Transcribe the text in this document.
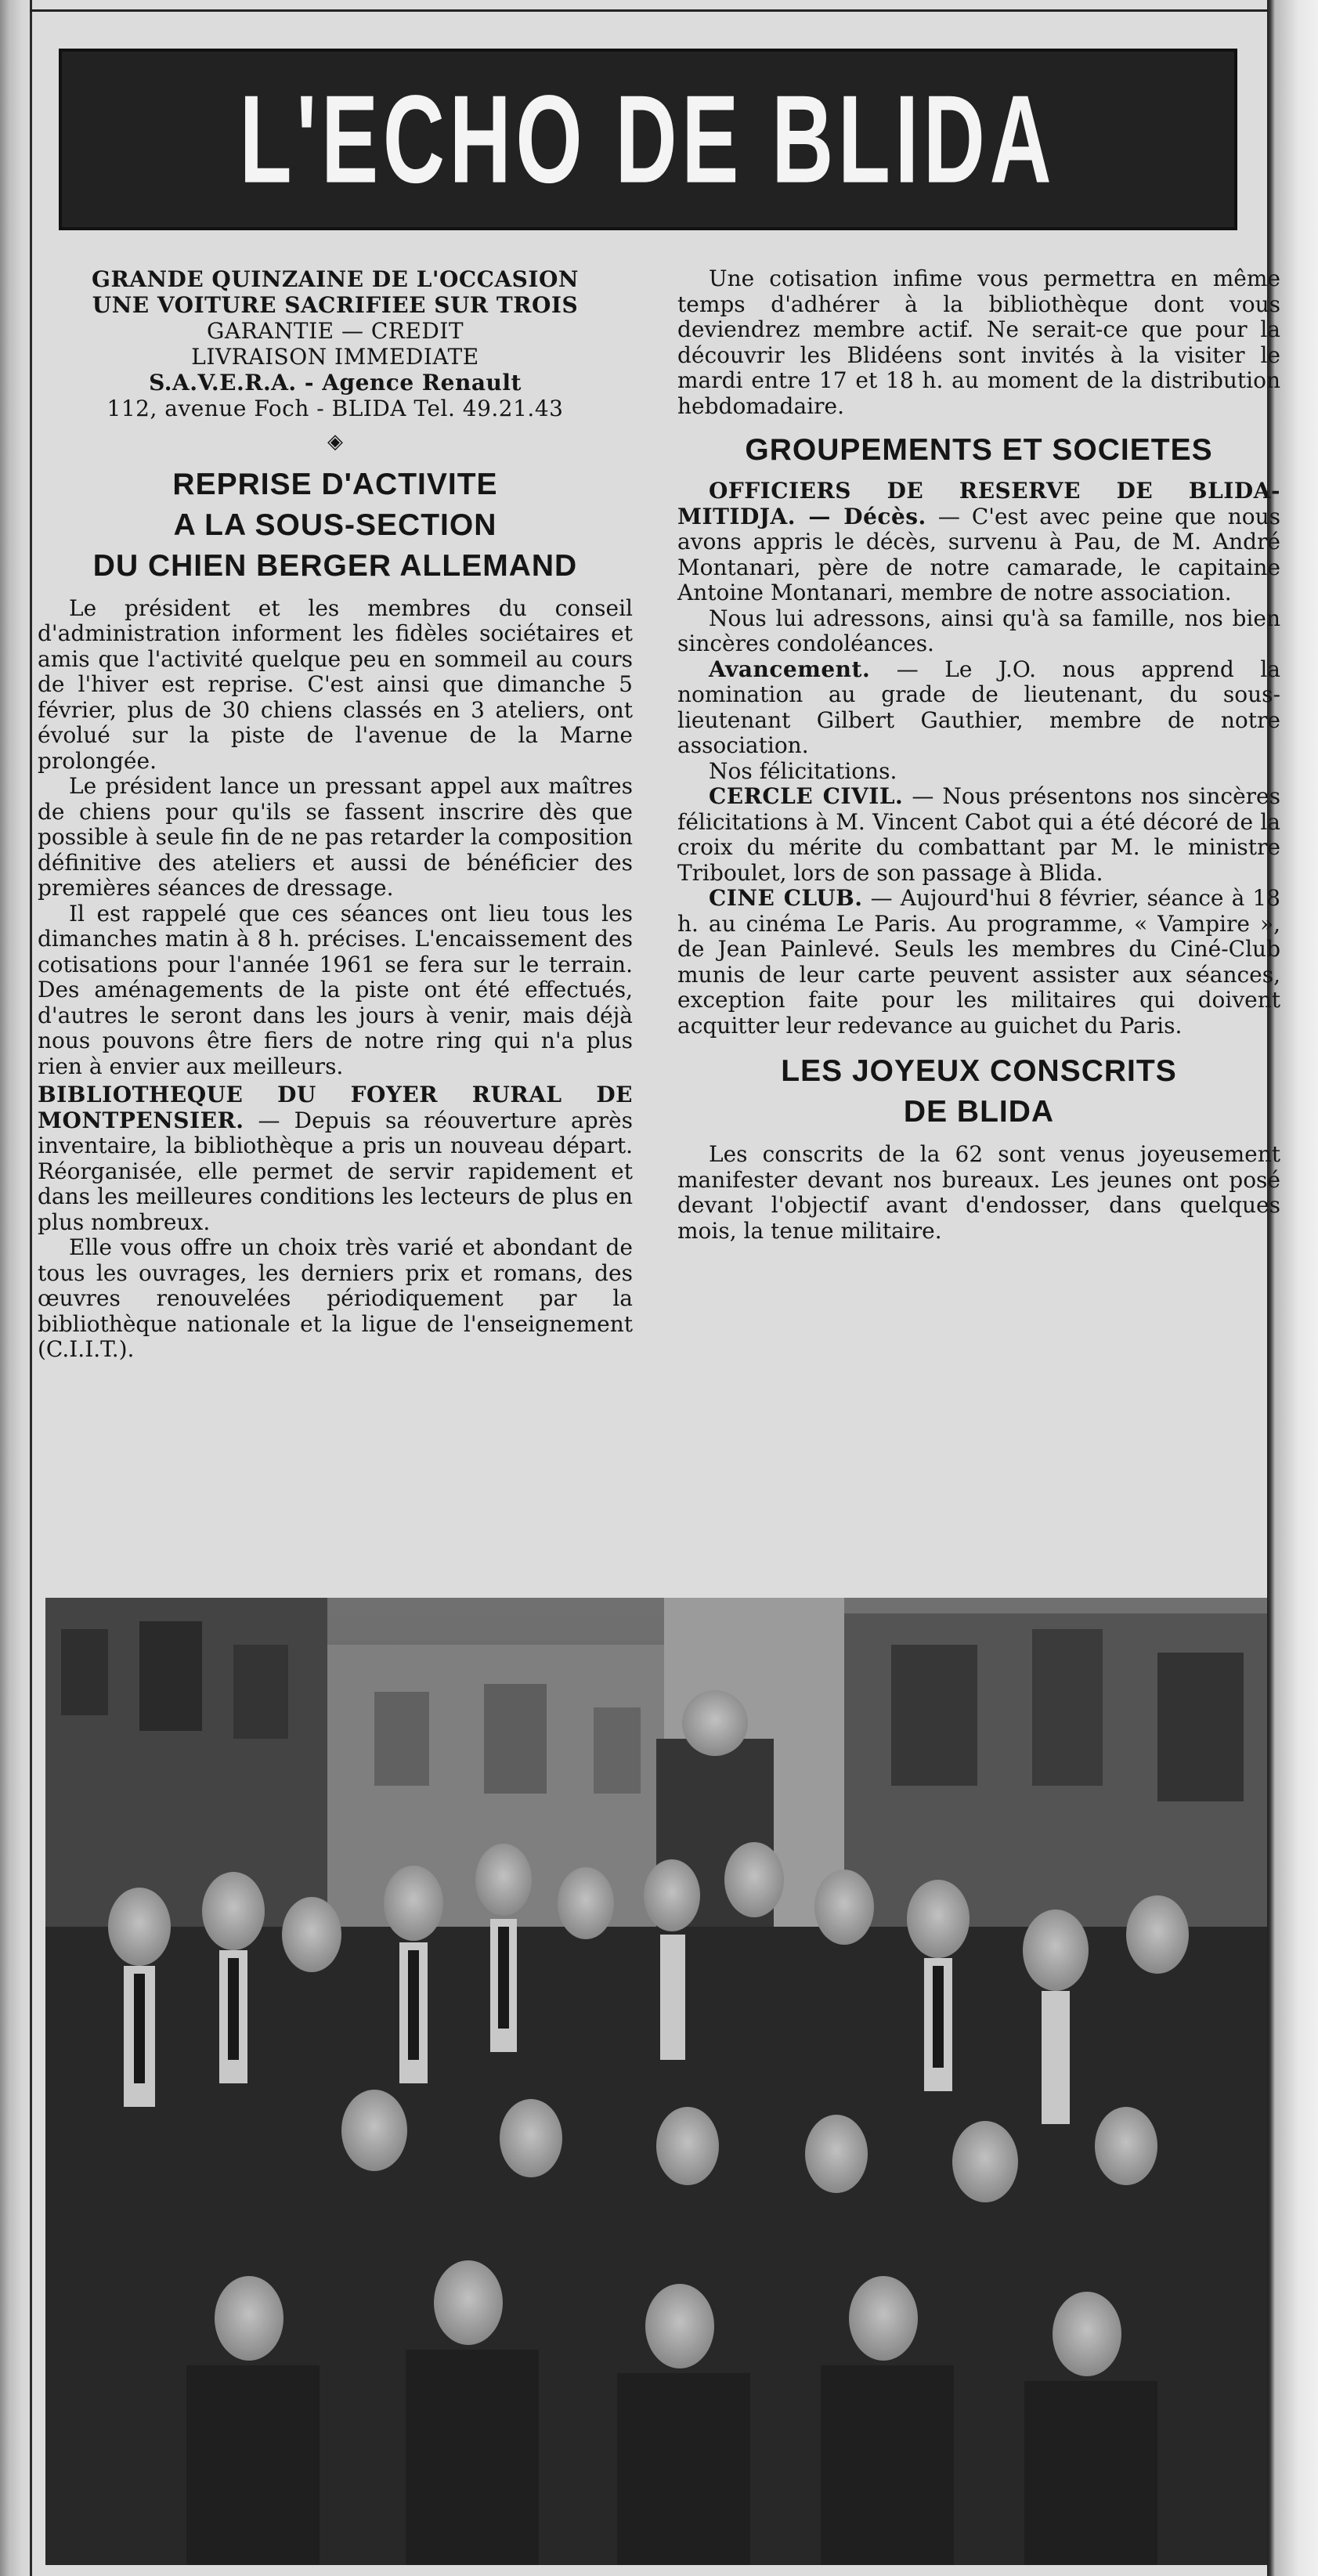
L'ECHO DE BLIDA
GRANDE QUINZAINE DE L'OCCASION
UNE VOITURE SACRIFIEE SUR TROIS
GARANTIE — CREDIT
LIVRAISON IMMEDIATE
S.A.V.E.R.A. - Agence Renault
112, avenue Foch - BLIDA Tel. 49.21.43
◈
REPRISE D'ACTIVITE
A LA SOUS-SECTION
DU CHIEN BERGER ALLEMAND

Le président et les membres du conseil d'administration informent les fidèles sociétaires et amis que l'activité quelque peu en sommeil au cours de l'hiver est reprise. C'est ainsi que dimanche 5 février, plus de 30 chiens classés en 3 ateliers, ont évolué sur la piste de l'avenue de la Marne prolongée.

Le président lance un pressant appel aux maîtres de chiens pour qu'ils se fassent inscrire dès que possible à seule fin de ne pas retarder la composition définitive des ateliers et aussi de bénéficier des premières séances de dressage.

Il est rappelé que ces séances ont lieu tous les dimanches matin à 8 h. précises. L'encaissement des cotisations pour l'année 1961 se fera sur le terrain. Des aménagements de la piste ont été effectués, d'autres le seront dans les jours à venir, mais déjà nous pouvons être fiers de notre ring qui n'a plus rien à envier aux meilleurs.

BIBLIOTHEQUE DU FOYER RURAL DE MONTPENSIER. — Depuis sa réouverture après inventaire, la bibliothèque a pris un nouveau départ. Réorganisée, elle permet de servir rapidement et dans les meilleures conditions les lecteurs de plus en plus nombreux.

Elle vous offre un choix très varié et abondant de tous les ouvrages, les derniers prix et romans, des œuvres renouvelées périodiquement par la bibliothèque nationale et la ligue de l'enseignement (C.I.I.T.).

Une cotisation infime vous permettra en même temps d'adhérer à la bibliothèque dont vous deviendrez membre actif. Ne serait-ce que pour la découvrir les Blidéens sont invités à la visiter le mardi entre 17 et 18 h. au moment de la distribution hebdomadaire.

GROUPEMENTS ET SOCIETES

OFFICIERS DE RESERVE DE BLIDA-MITIDJA. — Décès. — C'est avec peine que nous avons appris le décès, survenu à Pau, de M. André Montanari, père de notre camarade, le capitaine Antoine Montanari, membre de notre association.

Nous lui adressons, ainsi qu'à sa famille, nos bien sincères condoléances.

Avancement. — Le J.O. nous apprend la nomination au grade de lieutenant, du sous-lieutenant Gilbert Gauthier, membre de notre association.

Nos félicitations.

CERCLE CIVIL. — Nous présentons nos sincères félicitations à M. Vincent Cabot qui a été décoré de la croix du mérite du combattant par M. le ministre Triboulet, lors de son passage à Blida.

CINE CLUB. — Aujourd'hui 8 février, séance à 18 h. au cinéma Le Paris. Au programme, « Vampire », de Jean Painlevé. Seuls les membres du Ciné-Club munis de leur carte peuvent assister aux séances, exception faite pour les militaires qui doivent acquitter leur redevance au guichet du Paris.

LES JOYEUX CONSCRITS
DE BLIDA

Les conscrits de la 62 sont venus joyeusement manifester devant nos bureaux. Les jeunes ont posé devant l'objectif avant d'endosser, dans quelques mois, la tenue militaire.
